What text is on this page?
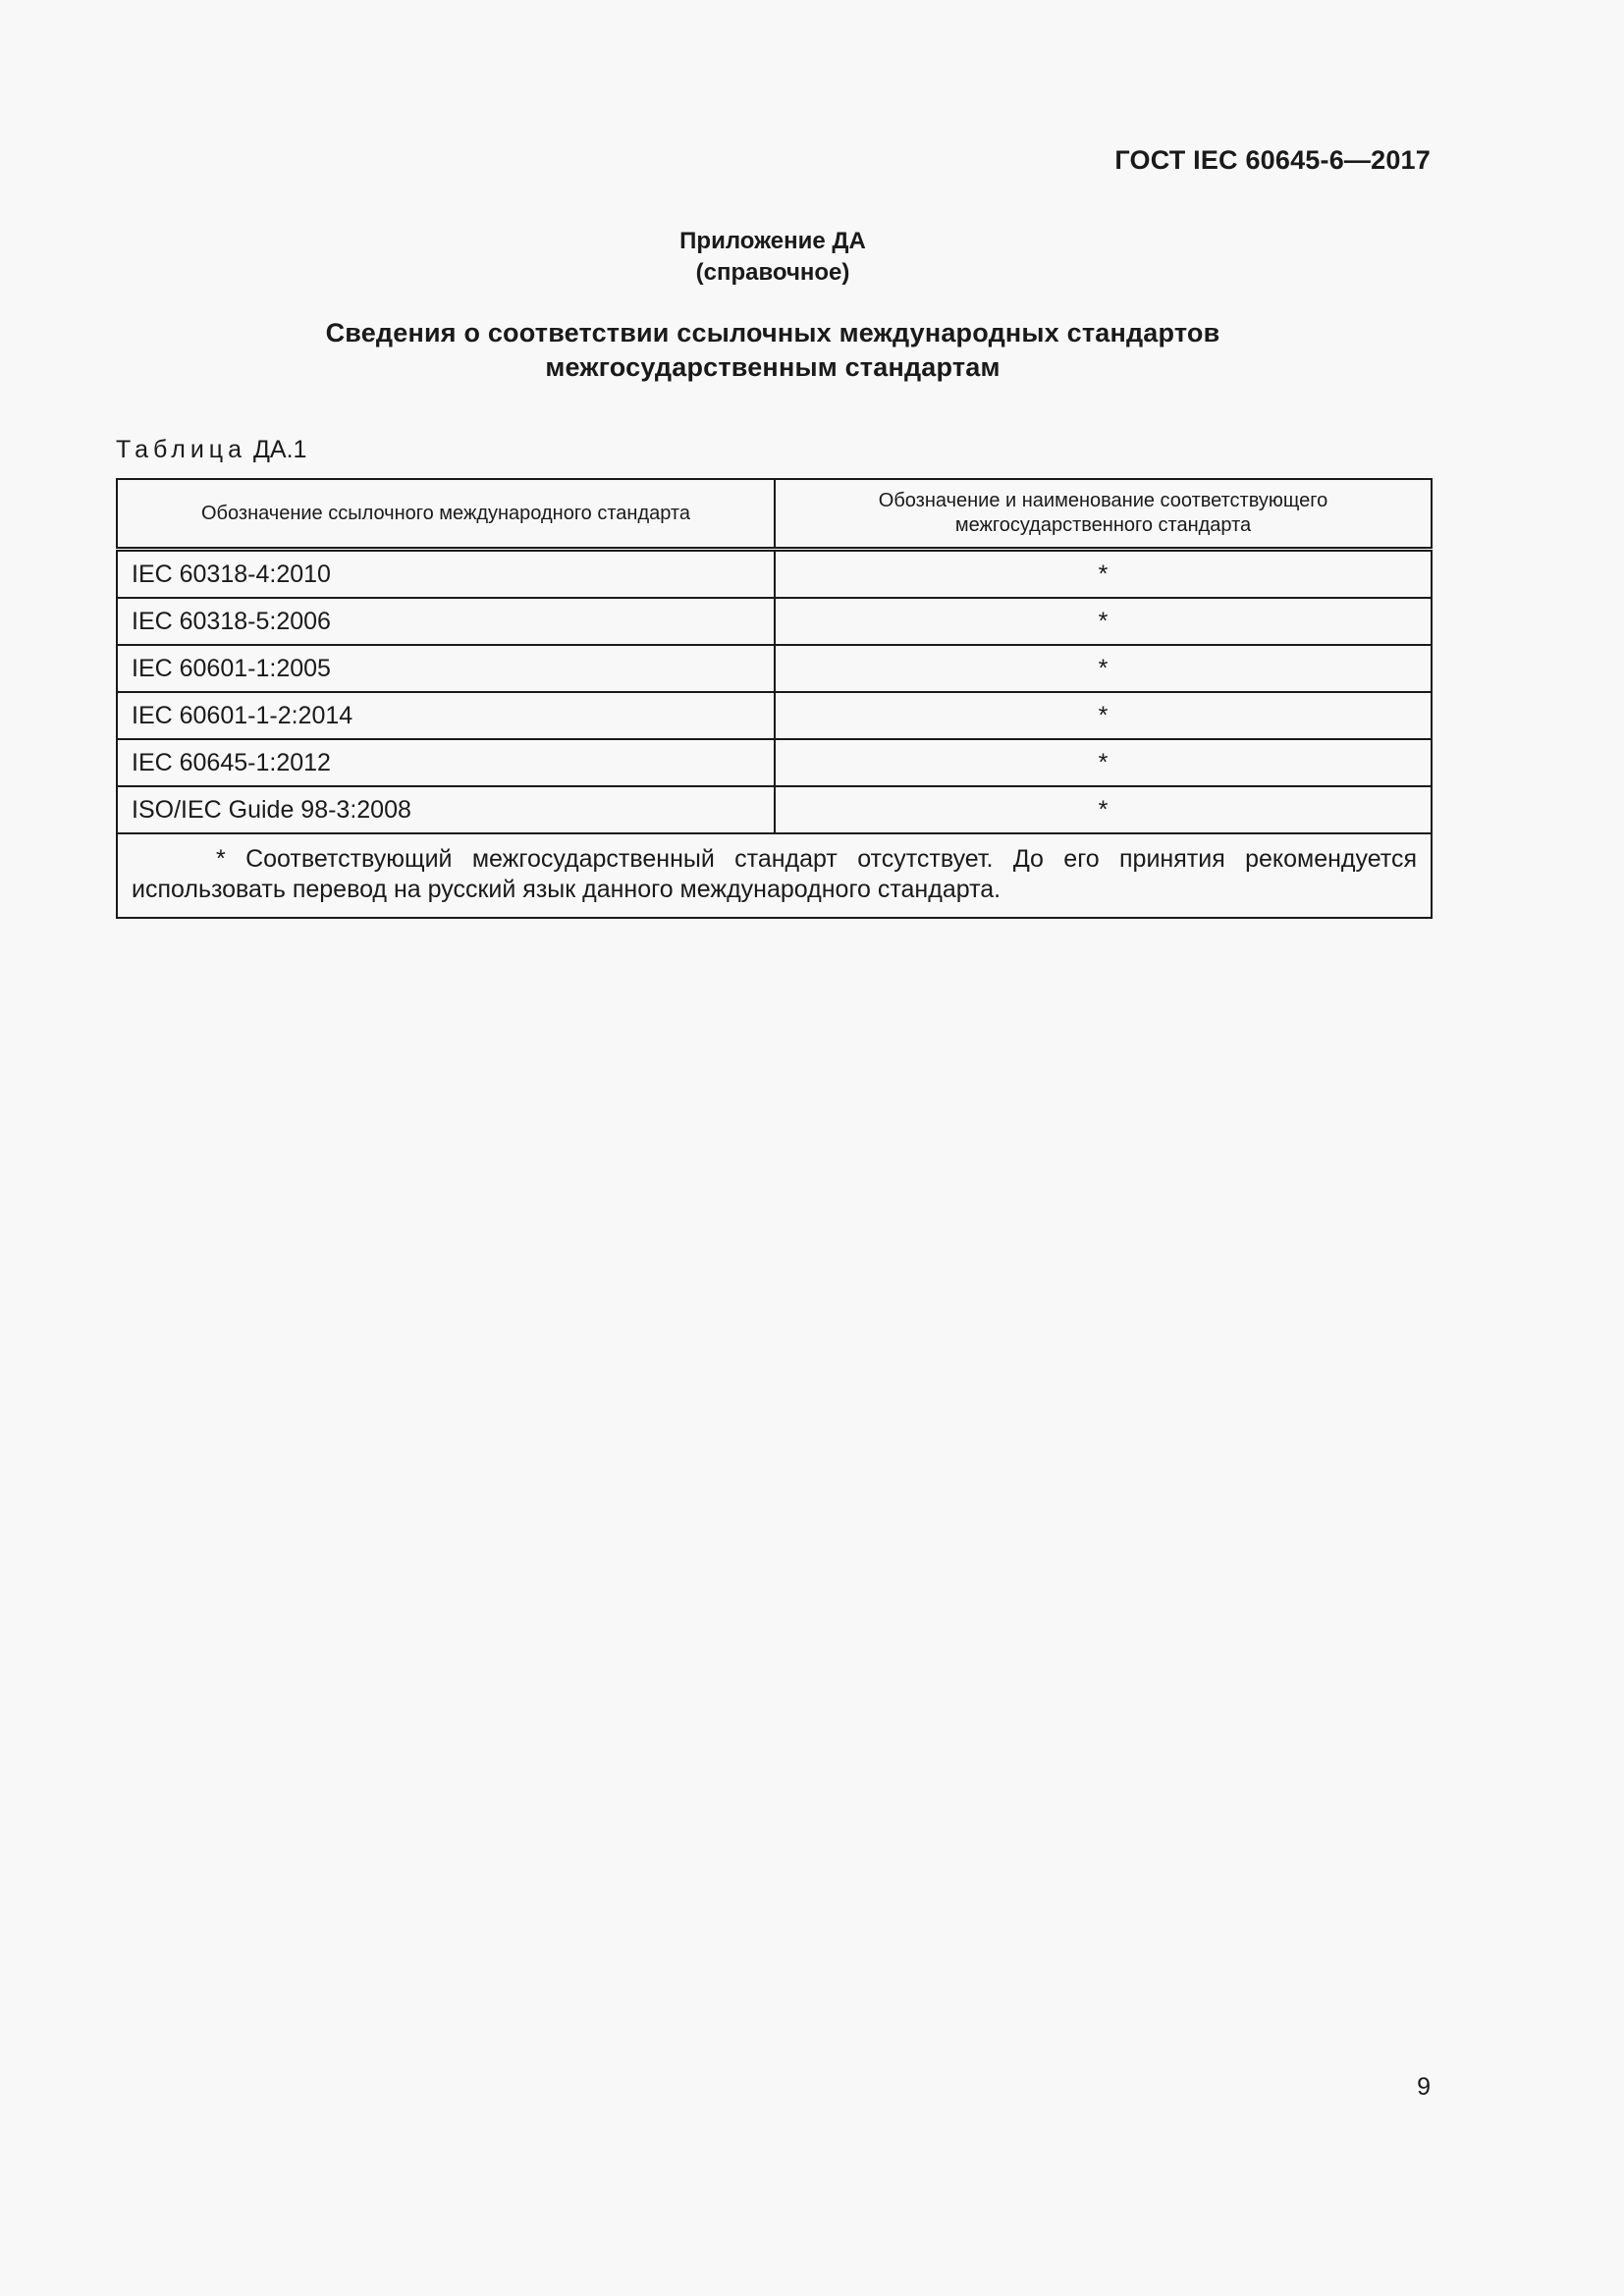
ГОСТ IEC 60645-6—2017
Приложение ДА
(справочное)
Сведения о соответствии ссылочных международных стандартов
межгосударственным стандартам
Таблица ДА.1
Обозначение ссылочного международного стандарта	Обозначение и наименование соответствующего межгосударственного стандарта
IEC 60318-4:2010	*
IEC 60318-5:2006	*
IEC 60601-1:2005	*
IEC 60601-1-2:2014	*
IEC 60645-1:2012	*
ISO/IEC Guide 98-3:2008	*
* Соответствующий межгосударственный стандарт отсутствует. До его принятия рекомендуется использовать перевод на русский язык данного международного стандарта.	
9
